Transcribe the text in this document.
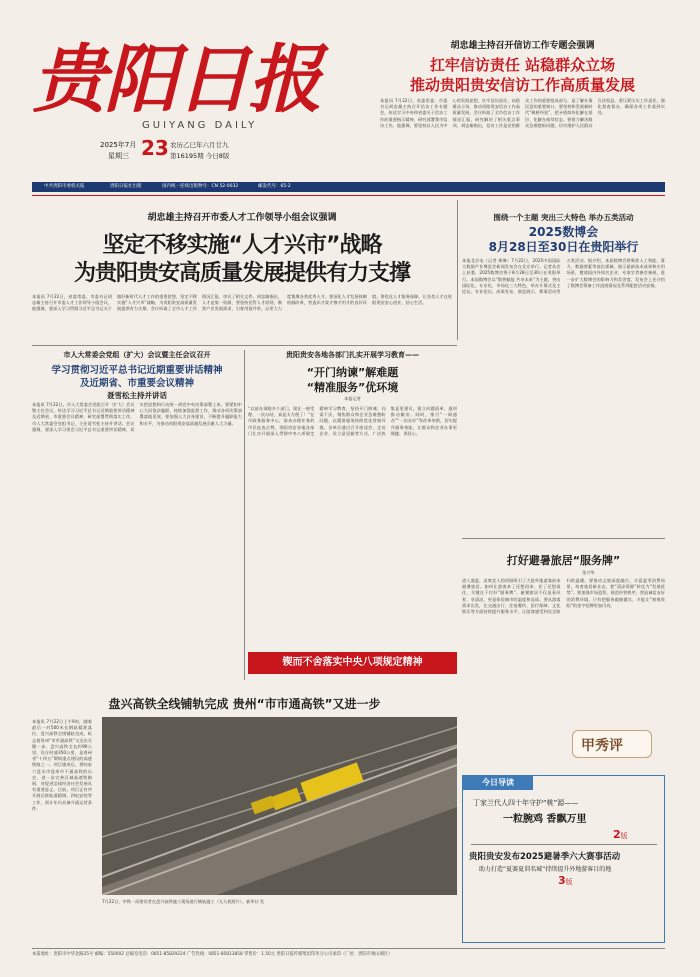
贵阳日报
GUIYANG DAILY
2025年7月
星期三 23 农历乙巳年六月廿九
第16195期 今日8版
中共贵阳市委机关报	贵阳日报社出版	国内统一连续出版物号：CN 52-0032	邮发代号：65-2
胡忠雄主持召开信访工作专题会强调
扛牢信访责任 站稳群众立场
推动贵阳贵安信访工作高质量发展
本报讯 7月22日，省委常委、市委书记胡忠雄主持召开信访工作专题会，传达学习中央和省委关于信访工作的重要指示精神，研究部署我市信访工作。他强调，要坚持以人民为中心的发展思想，扛牢信访责任，站稳群众立场，推动贵阳贵安信访工作高质量发展。会议听取了全市信访工作情况汇报，研究解决了相关重点事项。胡忠雄指出，信访工作是党的群众工作的重要组成部分，是了解社情民意的重要窗口。要坚持和发展新时代“枫桥经验”，把矛盾纠纷化解在基层、化解在萌芽状态。要着力解决群众急难愁盼问题，切实维护人民群众合法权益。要压紧压实工作责任，强化督查督办，确保各项工作落到实处。
胡忠雄主持召开市委人才工作领导小组会议强调
坚定不移实施“人才兴市”战略
为贵阳贵安高质量发展提供有力支撑
本报讯 7月22日，省委常委、市委书记胡忠雄主持召开市委人才工作领导小组会议。他强调，要深入学习贯彻习近平总书记关于做好新时代人才工作的重要思想，坚定不移实施“人才兴市”战略，为贵阳贵安高质量发展提供有力支撑。会议听取了全市人才工作情况汇报，审议了相关文件。胡忠雄指出，人才是第一资源，要坚持党管人才原则，聚焦产业发展需求，引育用留并举，以更大力度集聚各类优秀人才。要深化人才发展体制机制改革，营造识才爱才敬才用才的良好环境。要优化人才服务保障，让各类人才在贵阳贵安安心创业、舒心生活。
围绕一个主题 突出三大特色 举办五类活动
2025数博会
8月28日至30日在贵阳举行
本报北京电（记者 黄琳）7月22日，2025中国国际大数据产业博览会新闻发布会在北京举行。记者从会上获悉，2025数博会将于8月28日至30日在贵阳举行。本届数博会以“数智赋能 共享未来”为主题，突出国际化、专业化、市场化三大特色，举办开幕式及主论坛、专业论坛、成果发布、展览展示、赛事活动等五类活动。据介绍，本届数博会将聚焦人工智能、算力、数据要素等前沿领域，展示最新技术成果和应用场景，邀请国内外知名企业、专家学者参会参展，进一步扩大数博会的影响力和美誉度。发布会上还介绍了数博会筹备工作进展情况及系列配套活动安排。
市人大常委会党组（扩大）会议暨主任会议召开
学习贯彻习近平总书记近期重要讲话精神
及近期省、市重要会议精神
聂雪松主持并讲话
本报讯 7月22日，市人大常委会党组召开（扩大）会议暨主任会议，传达学习习近平总书记近期重要讲话精神及近期省、市重要会议精神，研究部署贯彻落实工作。市人大常委会党组书记、主任聂雪松主持并讲话。会议强调，要深入学习领会习近平总书记重要讲话精神，切实把思想和行动统一到党中央决策部署上来。要紧扣中心大局依法履职，持续加强监督工作，推动各项决策部署落地见效。要加强人大自身建设，不断提升履职能力和水平，为推动贵阳贵安高质量发展贡献人大力量。
贵阳贵安各地各部门扎实开展学习教育——
“开门纳谏”解难题
“精准服务”优环境
本报记者
“以前办事跑多个部门，现在一窗受理、一次办结，真是太方便了！”在市政务服务中心，前来办理业务的市民连连点赞。贵阳贵安各地各部门扎实开展深入贯彻中央八项规定精神学习教育，坚持开门纳谏、问需于民，聚焦群众和企业急难愁盼问题，以精准服务持续优化营商环境。各单位通过召开座谈会、走访企业、设立意见箱等方式，广泛收集意见建议，建立问题清单，逐项推动解决。同时，推行“一网通办”“一次办好”等改革举措，切实提升服务效能，让群众和企业办事更便捷、更舒心。
锲而不舍落实中央八项规定精神
打好避暑旅居“服务牌”
张兴华
进入盛夏，凉爽宜人的贵阳吸引了大批外地游客前来避暑旅居。如何让游客来了还想再来、住了还想再住，关键在于打好“服务牌”。避暑旅居不仅是看风景、享清凉，更是体验城市的温度和品质。要从游客需求出发，在交通出行、住宿餐饮、医疗保障、文化娱乐等方面持续提升服务水平，让游客感受到宾至如归的温暖。要推动文旅深度融合，丰富夏季消费场景，培育旅居新业态，把“清凉资源”转化为“发展优势”。要加强市场监管，规范经营秩序，营造诚信友好的消费环境。只有把服务做细做实，才能让“爽爽贵阳”的金字招牌更加闪亮。
甲秀评
盘兴高铁全线铺轨完成 贵州“市市通高铁”又进一步
本报讯 7月22日上午9时，随着最后一对500米长钢轨精准落位，盘兴高铁全线铺轨完成，标志着贵州“市市通高铁”又迈出关键一步。盘兴高铁全长约90公里，设计时速350公里，是贵州省“十四五”期间重点建设的高速铁路之一。项目建成后，将结束六盘水市盘州市不通高铁的历史，进一步完善区域高速铁路网，对促进沿线经济社会发展具有重要意义。目前，项目正有序开展后续轨道精调、四电安装等工作，预计年内具备开通运营条件。
7月22日，中铁一局建设者在盘兴高铁施工现场进行铺轨施工（无人机照片）。新华社 发
今日导读
丁家兰代人四十年守护“桃”源——
一粒腕鸡 香飘万里
2版
贵阳贵安发布2025避暑季六大赛事活动
助力打造“夏赛夏训名城”持续提升外地游客目的地
3版
本报地址：贵阳市中华北路25号 邮编：550002 总编室电话：0851-85829224 广告热线：0851-85813858 零售价：1.50元 贵阳日报传媒集团印务分公司承印（厂址：贵阳市观山湖区）
